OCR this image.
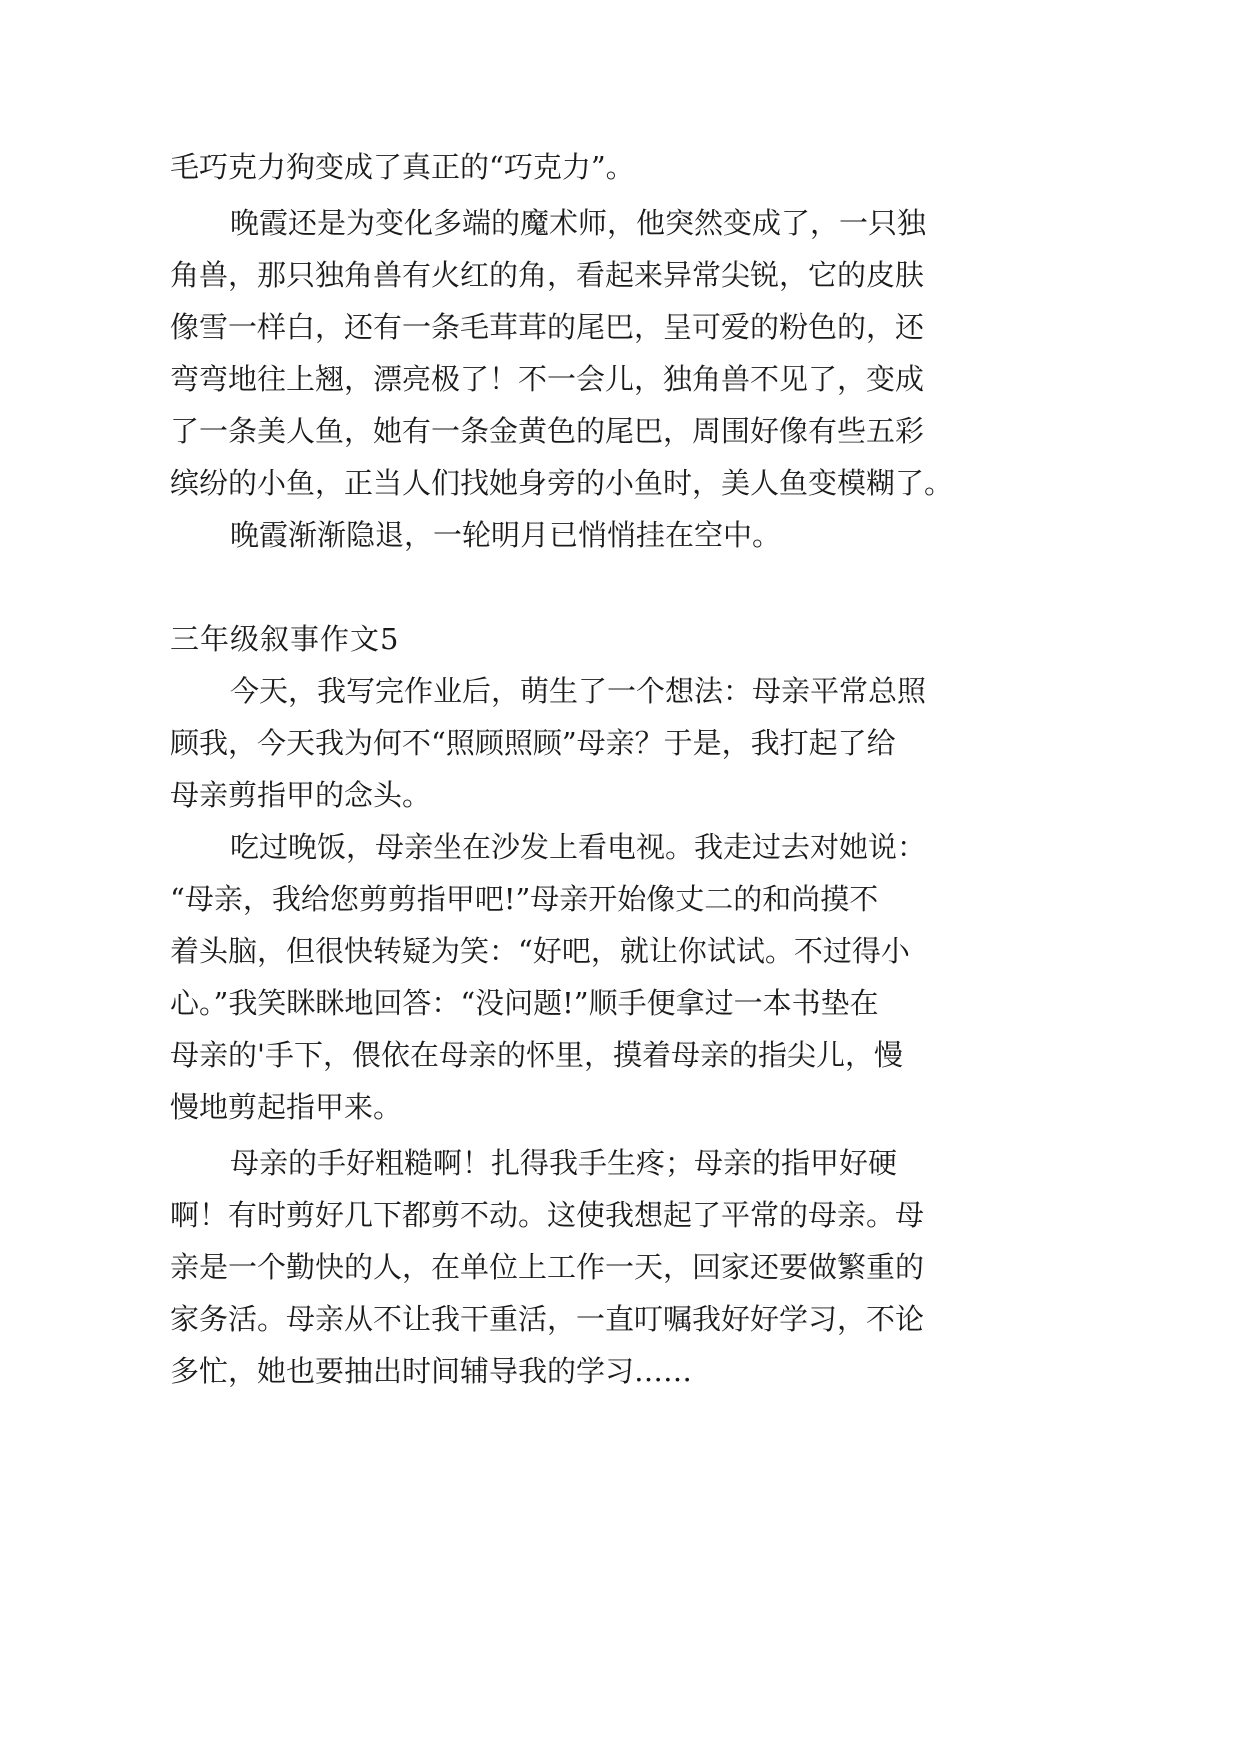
毛巧克力狗变成了真正的“巧克力”。
晚霞还是为变化多端的魔术师，他突然变成了，一只独
角兽，那只独角兽有火红的角，看起来异常尖锐，它的皮肤
像雪一样白，还有一条毛茸茸的尾巴，呈可爱的粉色的，还
弯弯地往上翘，漂亮极了！不一会儿，独角兽不见了，变成
了一条美人鱼，她有一条金黄色的尾巴，周围好像有些五彩
缤纷的小鱼，正当人们找她身旁的小鱼时，美人鱼变模糊了。
晚霞渐渐隐退，一轮明月已悄悄挂在空中。
三年级叙事作文5
今天，我写完作业后，萌生了一个想法：母亲平常总照
顾我，今天我为何不“照顾照顾”母亲？于是，我打起了给
母亲剪指甲的念头。
吃过晚饭，母亲坐在沙发上看电视。我走过去对她说：
“母亲，我给您剪剪指甲吧!”母亲开始像丈二的和尚摸不
着头脑，但很快转疑为笑：“好吧，就让你试试。不过得小
心。”我笑眯眯地回答：“没问题!”顺手便拿过一本书垫在
母亲的'手下，偎依在母亲的怀里，摸着母亲的指尖儿，慢
慢地剪起指甲来。
母亲的手好粗糙啊！扎得我手生疼；母亲的指甲好硬
啊！有时剪好几下都剪不动。这使我想起了平常的母亲。母
亲是一个勤快的人，在单位上工作一天，回家还要做繁重的
家务活。母亲从不让我干重活，一直叮嘱我好好学习，不论
多忙，她也要抽出时间辅导我的学习……
